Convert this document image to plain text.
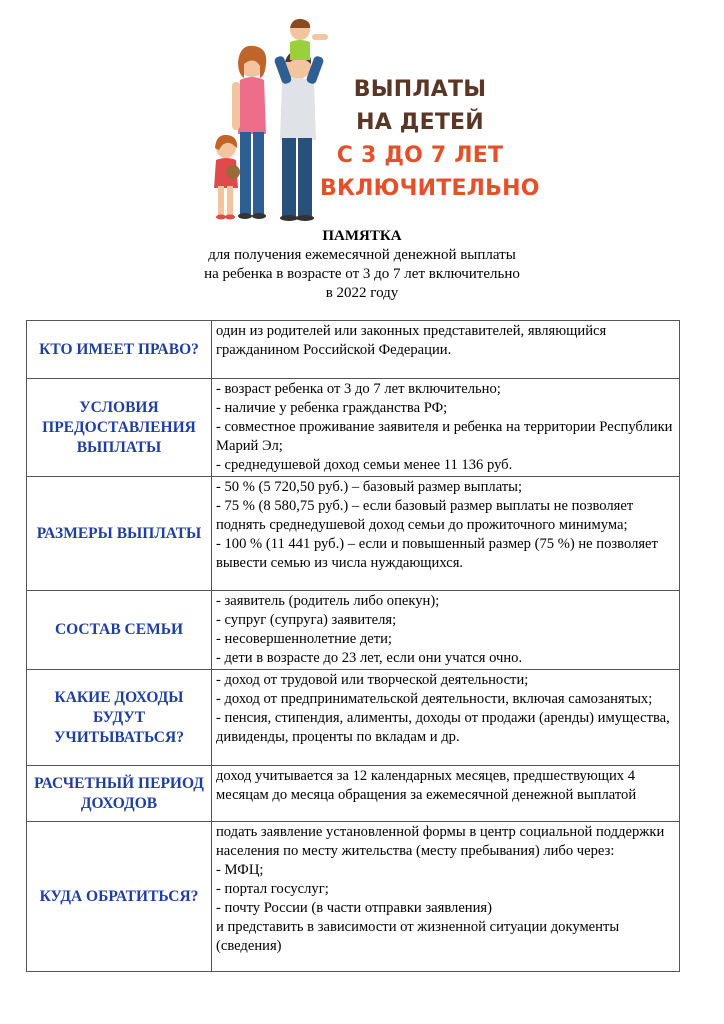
ВЫПЛАТЫ
НА ДЕТЕЙ
С 3 ДО 7 ЛЕТ
ВКЛЮЧИТЕЛЬНО
ПАМЯТКА
для получения ежемесячной денежной выплаты
на ребенка в возрасте от 3 до 7 лет включительно
в 2022 году
КТО ИМЕЕТ ПРАВО?	один из родителей или законных представителей, являющийся гражданином Российской Федерации.

УСЛОВИЯ ПРЕДОСТАВЛЕНИЯ ВЫПЛАТЫ	- возраст ребенка от 3 до 7 лет включительно;
- наличие у ребенка гражданства РФ;
- совместное проживание заявителя и ребенка на территории Республики Марий Эл;
- среднедушевой доход семьи менее 11 136 руб.

РАЗМЕРЫ ВЫПЛАТЫ	- 50 % (5 720,50 руб.) – базовый размер выплаты;
- 75 % (8 580,75 руб.) – если базовый размер выплаты не позволяет поднять среднедушевой доход семьи до прожиточного минимума;
- 100 % (11 441 руб.) – если и повышенный размер (75 %) не позволяет вывести семью из числа нуждающихся.

СОСТАВ СЕМЬИ	- заявитель (родитель либо опекун);
- супруг (супруга) заявителя;
- несовершеннолетние дети;
- дети в возрасте до 23 лет, если они учатся очно.

КАКИЕ ДОХОДЫ БУДУТ УЧИТЫВАТЬСЯ?	- доход от трудовой или творческой деятельности;
- доход от предпринимательской деятельности, включая самозанятых;
- пенсия, стипендия, алименты, доходы от продажи (аренды) имущества, дивиденды, проценты по вкладам и др.

РАСЧЕТНЫЙ ПЕРИОД ДОХОДОВ	доход учитывается за 12 календарных месяцев, предшествующих 4 месяцам до месяца обращения за ежемесячной денежной выплатой

КУДА ОБРАТИТЬСЯ?	подать заявление установленной формы в центр социальной поддержки населения по месту жительства (месту пребывания) либо через:
- МФЦ;
- портал госуслуг;
- почту России (в части отправки заявления)
и представить в зависимости от жизненной ситуации документы (сведения)
